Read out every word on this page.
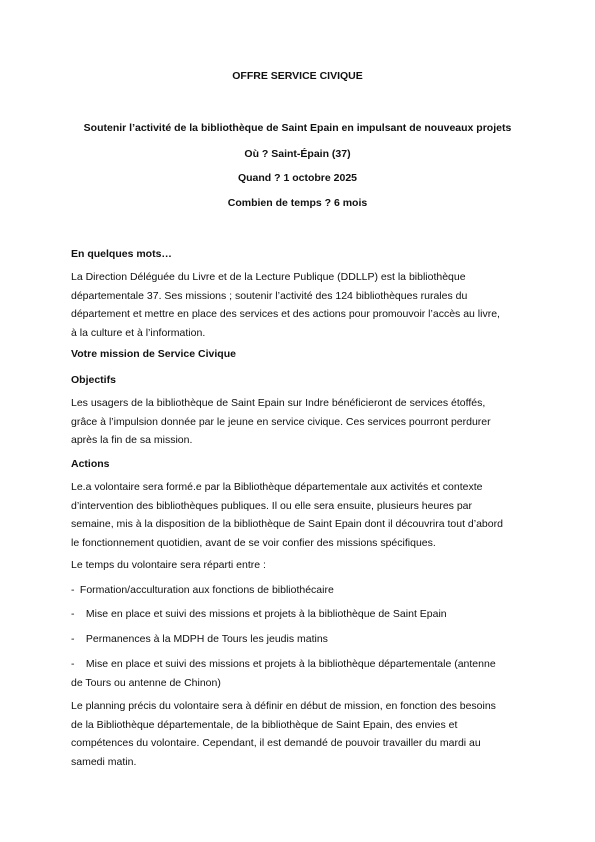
OFFRE SERVICE CIVIQUE
Soutenir l’activité de la bibliothèque de Saint Epain en impulsant de nouveaux projets
Où ? Saint-Épain (37)
Quand ? 1 octobre 2025
Combien de temps ? 6 mois
En quelques mots…
La Direction Déléguée du Livre et de la Lecture Publique (DDLLP) est la bibliothèque
départementale 37. Ses missions ; soutenir l’activité des 124 bibliothèques rurales du
département et mettre en place des services et des actions pour promouvoir l’accès au livre,
à la culture et à l’information.
Votre mission de Service Civique
Objectifs
Les usagers de la bibliothèque de Saint Epain sur Indre bénéficieront de services étoffés,
grâce à l’impulsion donnée par le jeune en service civique. Ces services pourront perdurer
après la fin de sa mission.
Actions
Le.a volontaire sera formé.e par la Bibliothèque départementale aux activités et contexte
d’intervention des bibliothèques publiques. Il ou elle sera ensuite, plusieurs heures par
semaine, mis à la disposition de la bibliothèque de Saint Epain dont il découvrira tout d’abord
le fonctionnement quotidien, avant de se voir confier des missions spécifiques.
Le temps du volontaire sera réparti entre :
- Formation/acculturation aux fonctions de bibliothécaire
- Mise en place et suivi des missions et projets à la bibliothèque de Saint Epain
- Permanences à la MDPH de Tours les jeudis matins
- Mise en place et suivi des missions et projets à la bibliothèque départementale (antenne
de Tours ou antenne de Chinon)
Le planning précis du volontaire sera à définir en début de mission, en fonction des besoins
de la Bibliothèque départementale, de la bibliothèque de Saint Epain, des envies et
compétences du volontaire. Cependant, il est demandé de pouvoir travailler du mardi au
samedi matin.
